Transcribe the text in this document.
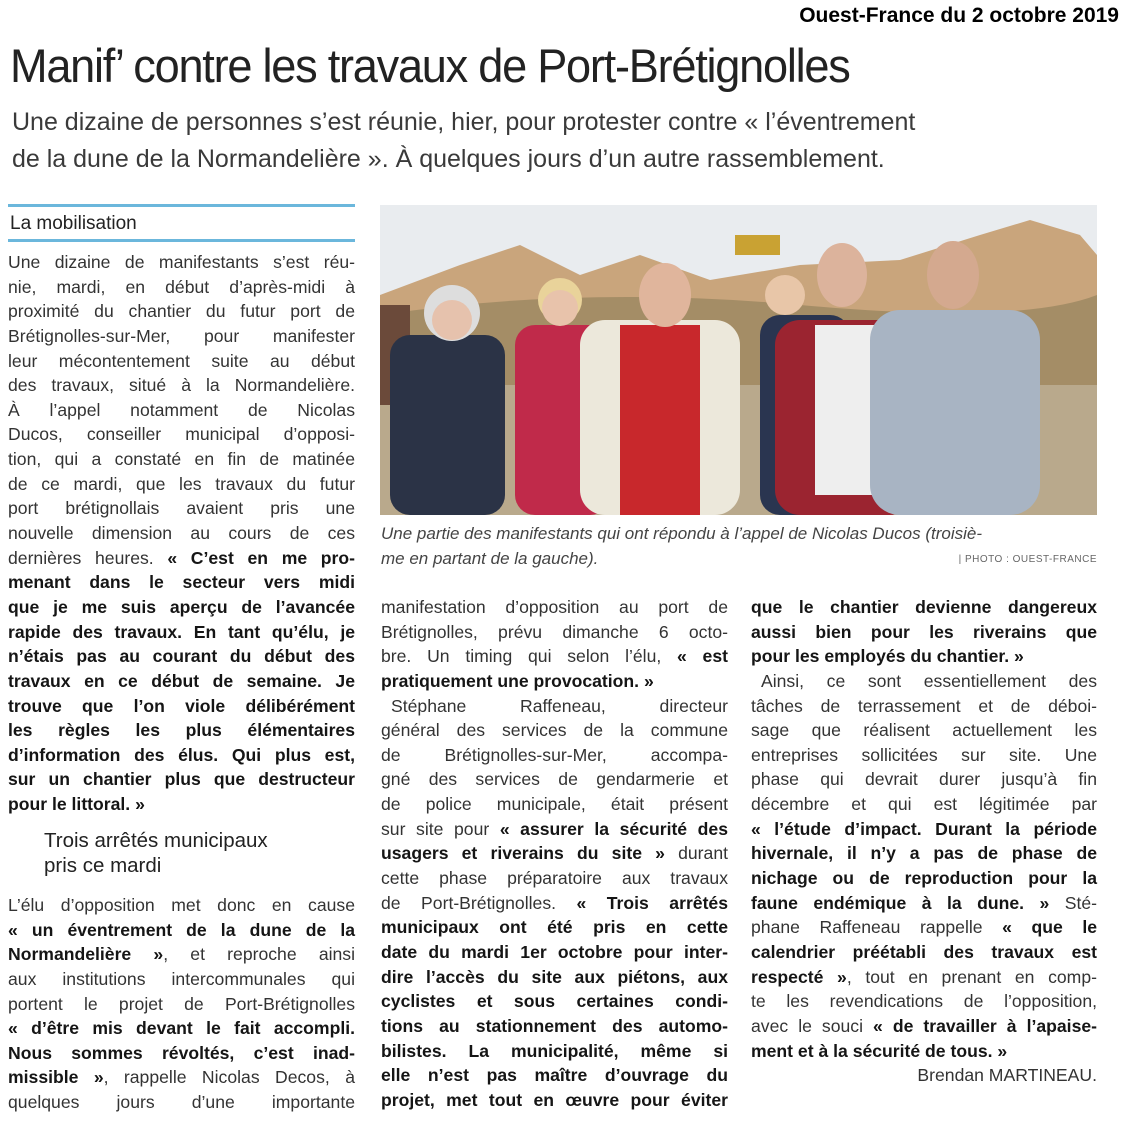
Ouest-France du 2 octobre 2019
Manif’ contre les travaux de Port-Brétignolles
Une dizaine de personnes s’est réunie, hier, pour protester contre « l’éventrement
de la dune de la Normandelière ». À quelques jours d’un autre rassemblement.
La mobilisation
Une dizaine de manifestants s’est réu-
nie, mardi, en début d’après-midi à
proximité du chantier du futur port de
Brétignolles-sur-Mer, pour manifester
leur mécontentement suite au début
des travaux, situé à la Normandelière.
À l’appel notamment de Nicolas
Ducos, conseiller municipal d’opposi-
tion, qui a constaté en fin de matinée
de ce mardi, que les travaux du futur
port brétignollais avaient pris une
nouvelle dimension au cours de ces
dernières heures. « C’est en me pro-
menant dans le secteur vers midi
que je me suis aperçu de l’avancée
rapide des travaux. En tant qu’élu, je
n’étais pas au courant du début des
travaux en ce début de semaine. Je
trouve que l’on viole délibérément
les règles les plus élémentaires
d’information des élus. Qui plus est,
sur un chantier plus que destructeur
pour le littoral. »
Trois arrêtés municipaux
pris ce mardi
L’élu d’opposition met donc en cause
« un éventrement de la dune de la
Normandelière », et reproche ainsi
aux institutions intercommunales qui
portent le projet de Port-Brétignolles
« d’être mis devant le fait accompli.
Nous sommes révoltés, c’est inad-
missible », rappelle Nicolas Decos, à
quelques jours d’une importante
manifestation d’opposition au port de
Brétignolles, prévu dimanche 6 octo-
bre. Un timing qui selon l’élu, « est
pratiquement une provocation. »
Stéphane Raffeneau, directeur
général des services de la commune
de Brétignolles-sur-Mer, accompa-
gné des services de gendarmerie et
de police municipale, était présent
sur site pour « assurer la sécurité des
usagers et riverains du site » durant
cette phase préparatoire aux travaux
de Port-Brétignolles. « Trois arrêtés
municipaux ont été pris en cette
date du mardi 1er octobre pour inter-
dire l’accès du site aux piétons, aux
cyclistes et sous certaines condi-
tions au stationnement des automo-
bilistes. La municipalité, même si
elle n’est pas maître d’ouvrage du
projet, met tout en œuvre pour éviter
que le chantier devienne dangereux
aussi bien pour les riverains que
pour les employés du chantier. »
Ainsi, ce sont essentiellement des
tâches de terrassement et de déboi-
sage que réalisent actuellement les
entreprises sollicitées sur site. Une
phase qui devrait durer jusqu’à fin
décembre et qui est légitimée par
« l’étude d’impact. Durant la période
hivernale, il n’y a pas de phase de
nichage ou de reproduction pour la
faune endémique à la dune. » Sté-
phane Raffeneau rappelle « que le
calendrier préétabli des travaux est
respecté », tout en prenant en comp-
te les revendications de l’opposition,
avec le souci « de travailler à l’apaise-
ment et à la sécurité de tous. »
Brendan MARTINEAU.
Une partie des manifestants qui ont répondu à l’appel de Nicolas Ducos (troisiè-
me en partant de la gauche).	| PHOTO : OUEST-FRANCE
